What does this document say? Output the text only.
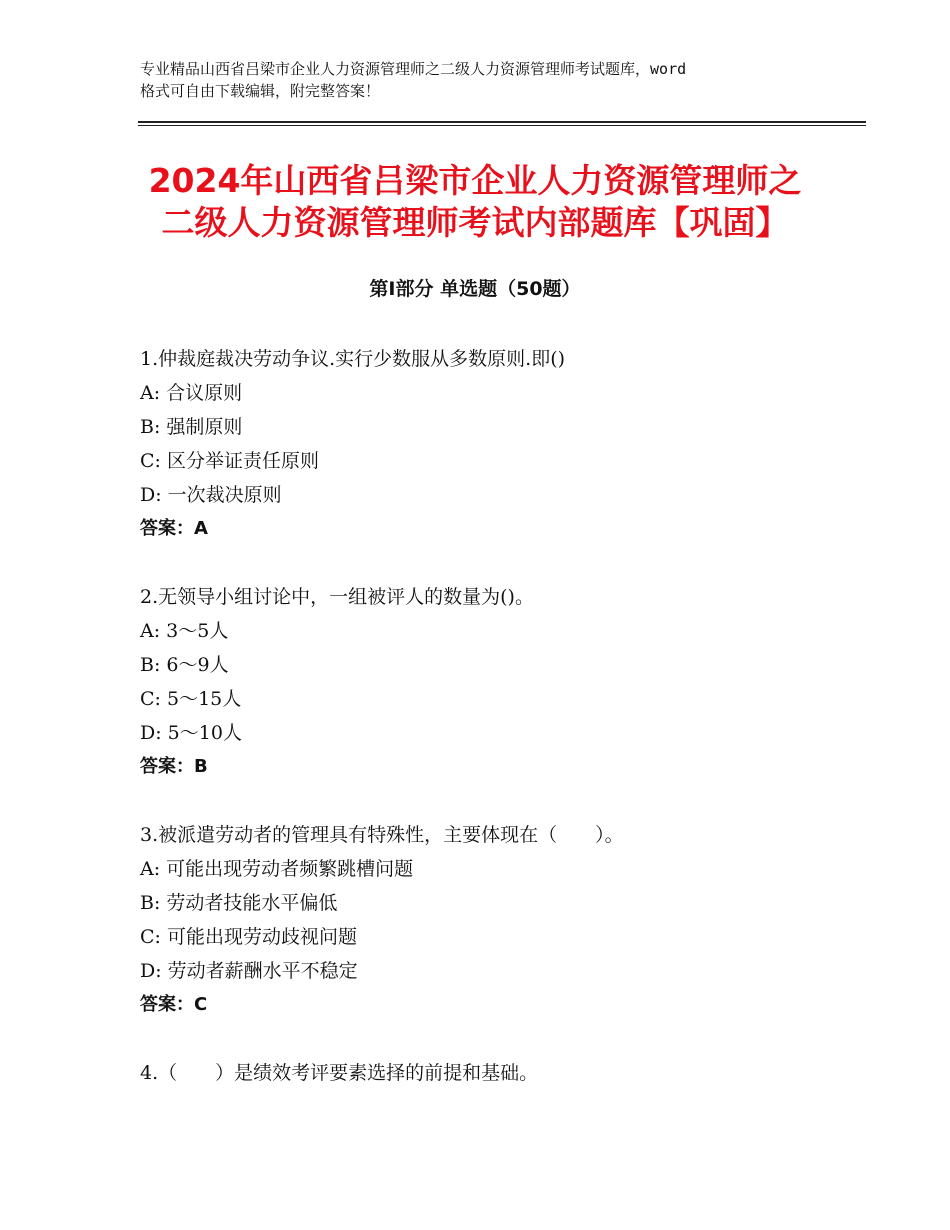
专业精品山西省吕梁市企业人力资源管理师之二级人力资源管理师考试题库，word
格式可自由下载编辑，附完整答案！
2024年山西省吕梁市企业人力资源管理师之
二级人力资源管理师考试内部题库【巩固】
第Ⅰ部分 单选题（50题）
1.仲裁庭裁决劳动争议.实行少数服从多数原则.即()
A: 合议原则
B: 强制原则
C: 区分举证责任原则
D: 一次裁决原则
答案：A
2.无领导小组讨论中，一组被评人的数量为()。
A: 3～5人
B: 6～9人
C: 5～15人
D: 5～10人
答案：B
3.被派遣劳动者的管理具有特殊性，主要体现在（　　）。
A: 可能出现劳动者频繁跳槽问题
B: 劳动者技能水平偏低
C: 可能出现劳动歧视问题
D: 劳动者薪酬水平不稳定
答案：C
4.（　　）是绩效考评要素选择的前提和基础。
